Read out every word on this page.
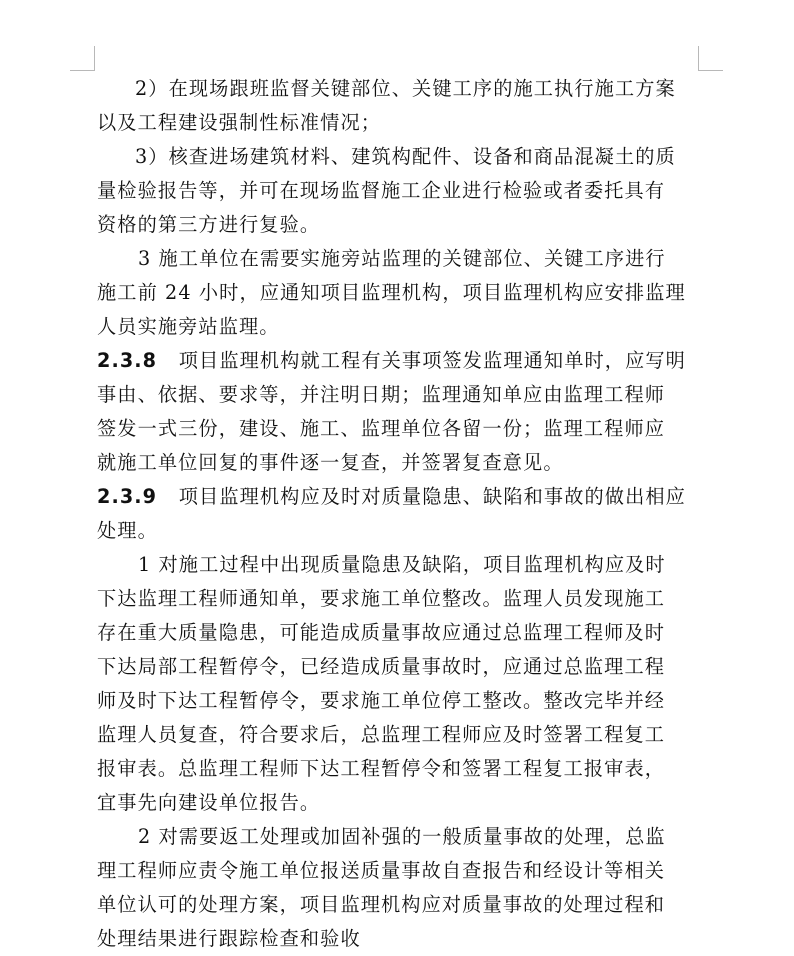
2）在现场跟班监督关键部位、关键工序的施工执行施工方案
以及工程建设强制性标准情况；

3）核查进场建筑材料、建筑构配件、设备和商品混凝土的质
量检验报告等，并可在现场监督施工企业进行检验或者委托具有
资格的第三方进行复验。

3 施工单位在需要实施旁站监理的关键部位、关键工序进行
施工前 24 小时，应通知项目监理机构，项目监理机构应安排监理
人员实施旁站监理。

2.3.8 项目监理机构就工程有关事项签发监理通知单时，应写明
事由、依据、要求等，并注明日期；监理通知单应由监理工程师
签发一式三份，建设、施工、监理单位各留一份；监理工程师应
就施工单位回复的事件逐一复查，并签署复查意见。

2.3.9 项目监理机构应及时对质量隐患、缺陷和事故的做出相应
处理。

1 对施工过程中出现质量隐患及缺陷，项目监理机构应及时
下达监理工程师通知单，要求施工单位整改。监理人员发现施工
存在重大质量隐患，可能造成质量事故应通过总监理工程师及时
下达局部工程暂停令，已经造成质量事故时，应通过总监理工程
师及时下达工程暂停令，要求施工单位停工整改。整改完毕并经
监理人员复查，符合要求后，总监理工程师应及时签署工程复工
报审表。总监理工程师下达工程暂停令和签署工程复工报审表，
宜事先向建设单位报告。

2 对需要返工处理或加固补强的一般质量事故的处理，总监
理工程师应责令施工单位报送质量事故自查报告和经设计等相关
单位认可的处理方案，项目监理机构应对质量事故的处理过程和
处理结果进行跟踪检查和验收
